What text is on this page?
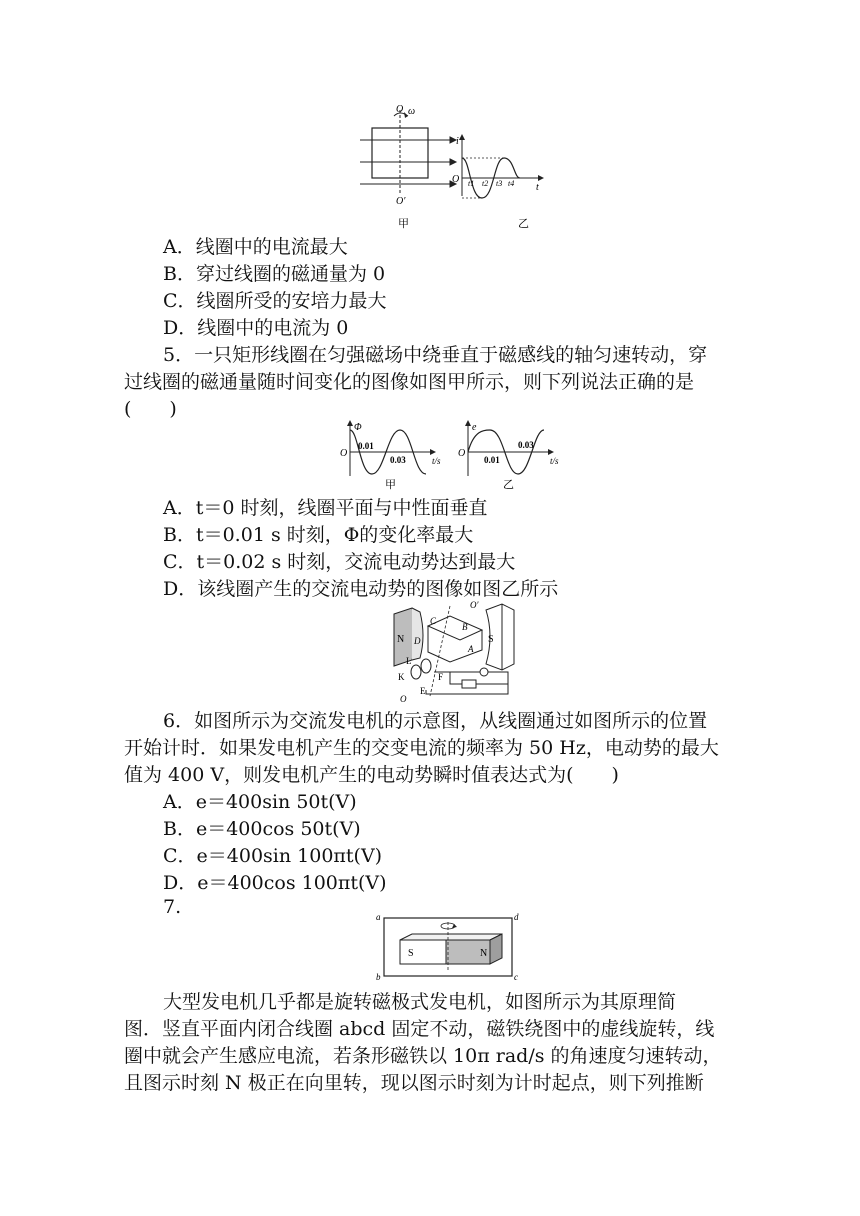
O ω
O′
i
O
t
t1 t2 t3 t4
甲	乙
A．线圈中的电流最大
B．穿过线圈的磁通量为 0
C．线圈所受的安培力最大
D．线圈中的电流为 0
5．一只矩形线圈在匀强磁场中绕垂直于磁感线的轴匀速转动，穿
过线圈的磁通量随时间变化的图像如图甲所示，则下列说法正确的是
(　　)
Φ
O
0.01
0.03	t/s
e
O
0.03
0.01	t/s
甲	乙
A．t＝0 时刻，线圈平面与中性面垂直
B．t＝0.01 s 时刻，Φ的变化率最大
C．t＝0.02 s 时刻，交流电动势达到最大
D．该线圈产生的交流电动势的图像如图乙所示
N	S
C
D
A
B
O′
K
L
F
E
O
6．如图所示为交流发电机的示意图，从线圈通过如图所示的位置
开始计时．如果发电机产生的交变电流的频率为 50 Hz，电动势的最大
值为 400 V，则发电机产生的电动势瞬时值表达式为(　　)
A．e＝400sin 50t(V)
B．e＝400cos 50t(V)
C．e＝400sin 100πt(V)
D．e＝400cos 100πt(V)
7.	a
b	c
d
S	N
大型发电机几乎都是旋转磁极式发电机，如图所示为其原理简
图．竖直平面内闭合线圈 abcd 固定不动，磁铁绕图中的虚线旋转，线
圈中就会产生感应电流，若条形磁铁以 10π rad/s 的角速度匀速转动，
且图示时刻 N 极正在向里转，现以图示时刻为计时起点，则下列推断
